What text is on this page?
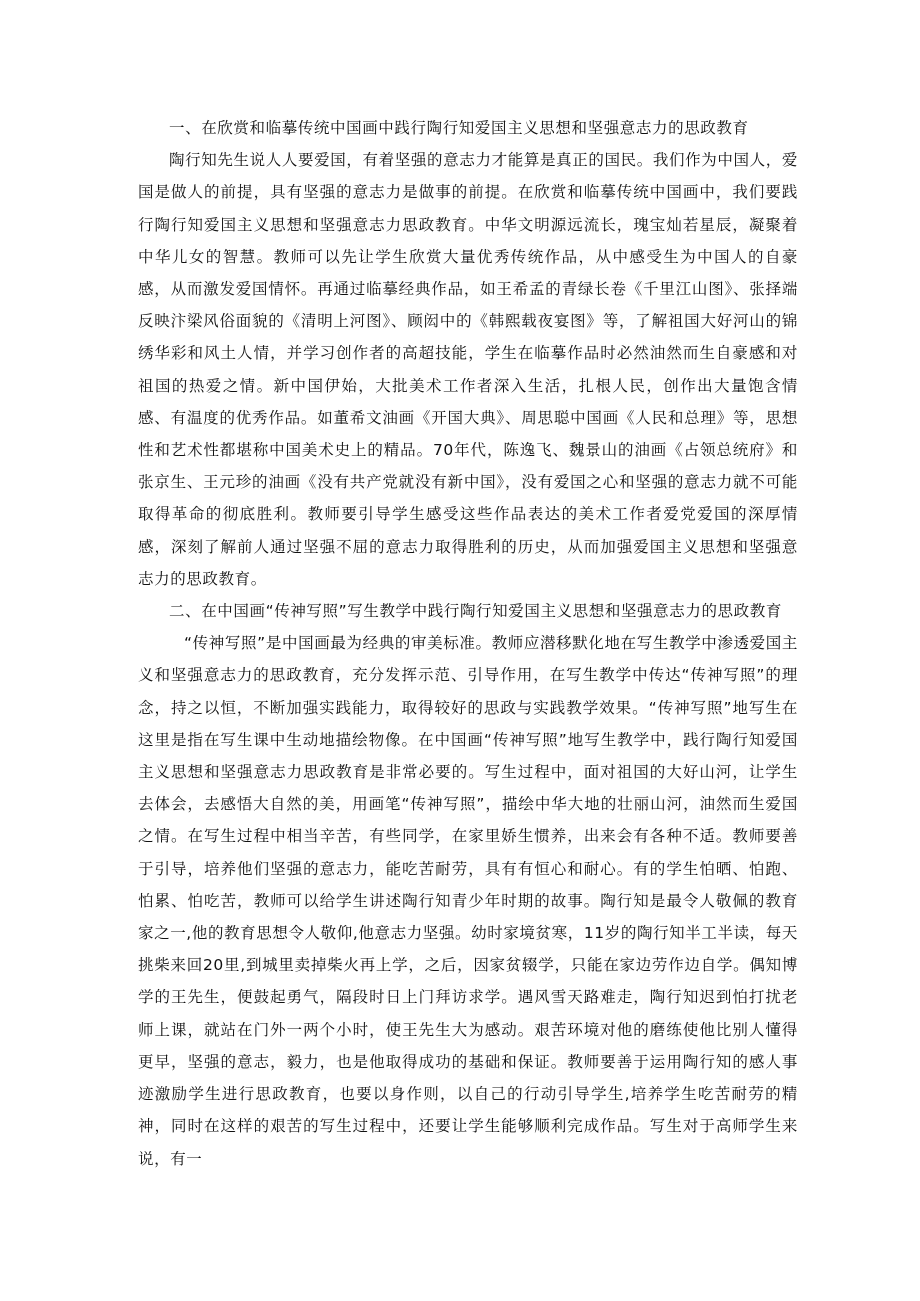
一、在欣赏和临摹传统中国画中践行陶行知爱国主义思想和坚强意志力的思政教育

陶行知先生说人人要爱国，有着坚强的意志力才能算是真正的国民。我们作为中国人，爱国是做人的前提，具有坚强的意志力是做事的前提。在欣赏和临摹传统中国画中，我们要践行陶行知爱国主义思想和坚强意志力思政教育。中华文明源远流长，瑰宝灿若星辰，凝聚着中华儿女的智慧。教师可以先让学生欣赏大量优秀传统作品，从中感受生为中国人的自豪感，从而激发爱国情怀。再通过临摹经典作品，如王希孟的青绿长卷《千里江山图》、张择端反映汴梁风俗面貌的《清明上河图》、顾闳中的《韩熙载夜宴图》等，了解祖国大好河山的锦绣华彩和风土人情，并学习创作者的高超技能，学生在临摹作品时必然油然而生自豪感和对祖国的热爱之情。新中国伊始，大批美术工作者深入生活，扎根人民，创作出大量饱含情感、有温度的优秀作品。如董希文油画《开国大典》、周思聪中国画《人民和总理》等，思想性和艺术性都堪称中国美术史上的精品。70年代，陈逸飞、魏景山的油画《占领总统府》和张京生、王元珍的油画《没有共产党就没有新中国》，没有爱国之心和坚强的意志力就不可能取得革命的彻底胜利。教师要引导学生感受这些作品表达的美术工作者爱党爱国的深厚情感，深刻了解前人通过坚强不屈的意志力取得胜利的历史，从而加强爱国主义思想和坚强意志力的思政教育。

二、在中国画“传神写照”写生教学中践行陶行知爱国主义思想和坚强意志力的思政教育

“传神写照”是中国画最为经典的审美标准。教师应潜移默化地在写生教学中渗透爱国主义和坚强意志力的思政教育，充分发挥示范、引导作用，在写生教学中传达“传神写照”的理念，持之以恒，不断加强实践能力，取得较好的思政与实践教学效果。“传神写照”地写生在这里是指在写生课中生动地描绘物像。在中国画“传神写照”地写生教学中，践行陶行知爱国主义思想和坚强意志力思政教育是非常必要的。写生过程中，面对祖国的大好山河，让学生去体会，去感悟大自然的美，用画笔“传神写照”，描绘中华大地的壮丽山河，油然而生爱国之情。在写生过程中相当辛苦，有些同学，在家里娇生惯养，出来会有各种不适。教师要善于引导，培养他们坚强的意志力，能吃苦耐劳，具有有恒心和耐心。有的学生怕晒、怕跑、怕累、怕吃苦，教师可以给学生讲述陶行知青少年时期的故事。陶行知是最令人敬佩的教育家之一,他的教育思想令人敬仰,他意志力坚强。幼时家境贫寒，11岁的陶行知半工半读，每天挑柴来回20里,到城里卖掉柴火再上学，之后，因家贫辍学，只能在家边劳作边自学。偶知博学的王先生，便鼓起勇气，隔段时日上门拜访求学。遇风雪天路难走，陶行知迟到怕打扰老师上课，就站在门外一两个小时，使王先生大为感动。艰苦环境对他的磨练使他比别人懂得更早，坚强的意志，毅力，也是他取得成功的基础和保证。教师要善于运用陶行知的感人事迹激励学生进行思政教育，也要以身作则，以自己的行动引导学生,培养学生吃苦耐劳的精神，同时在这样的艰苦的写生过程中，还要让学生能够顺利完成作品。写生对于高师学生来说，有一
